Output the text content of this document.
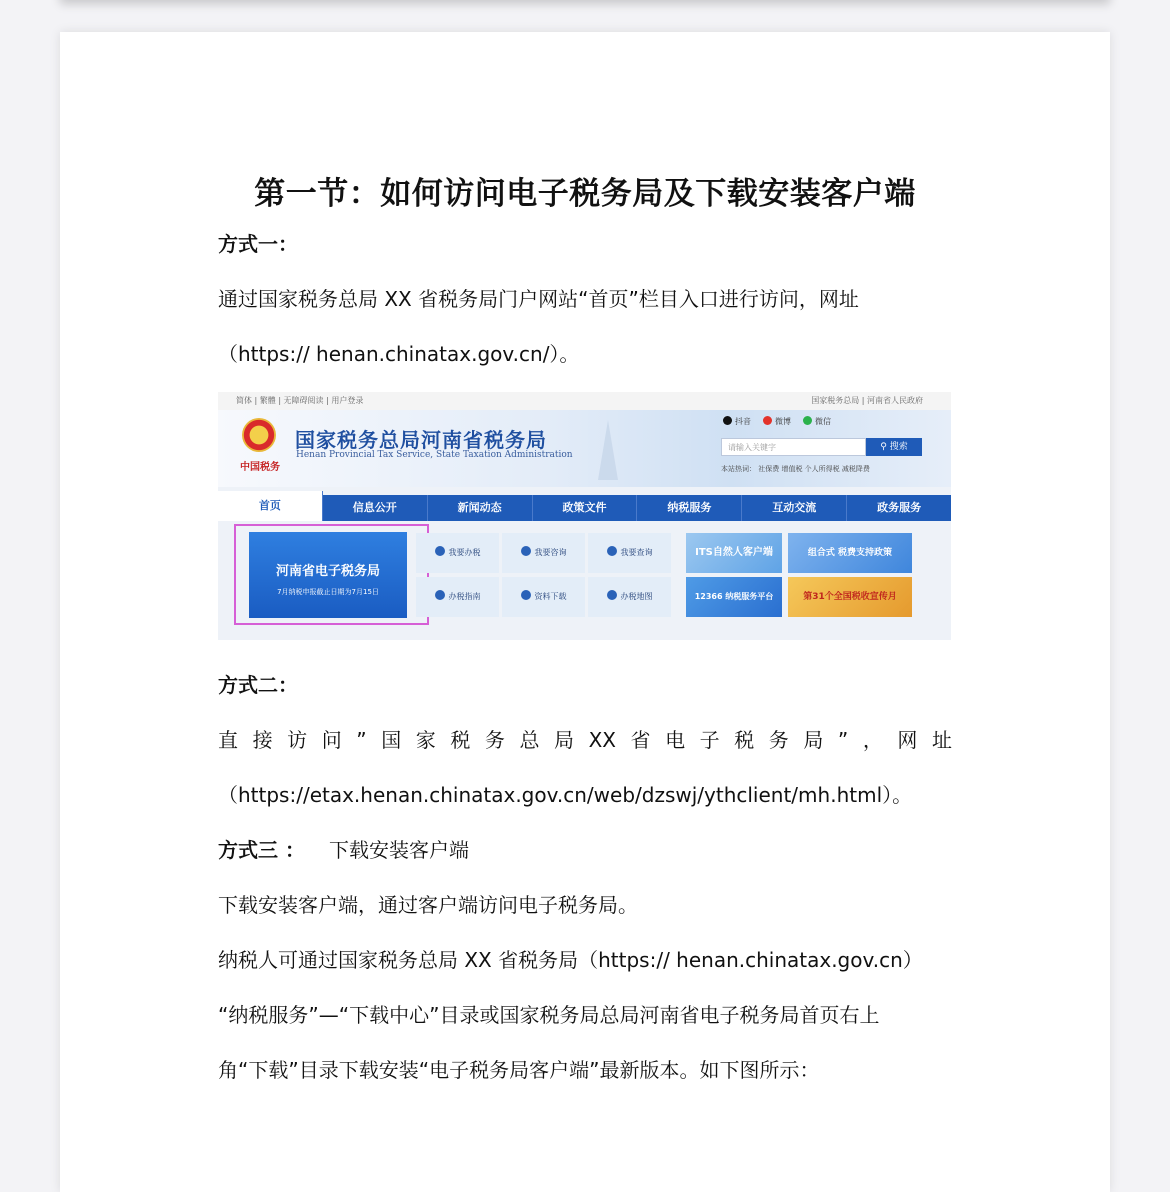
第一节：如何访问电子税务局及下载安装客户端
方式一：
通过国家税务总局 XX 省税务局门户网站“首页”栏目入口进行访问，网址
（https:// henan.chinatax.gov.cn/）。
简体 | 繁體 | 无障碍阅读 | 用户登录	国家税务总局 | 河南省人民政府
中国税务
国家税务总局河南省税务局
Henan Provincial Tax Service, State Taxation Administration
抖音	微博	微信
请输入关键字	⚲ 搜索
本站热词： 社保费 增值税 个人所得税 减税降费
首页	信息公开	新闻动态	政策文件	纳税服务	互动交流	政务服务
河南省电子税务局
7月纳税申报截止日期为7月15日
我要办税	我要咨询	我要查询
办税指南	资料下载	办税地图
ITS自然人客户端	组合式 税费支持政策
12366 纳税服务平台	第31个全国税收宣传月
方式二：
直 接 访 问 ” 国 家 税 务 总 局 XX 省 电 子 税 务 局 ” ， 网 址
（https://etax.henan.chinatax.gov.cn/web/dzswj/ythclient/mh.html）。
方式三 ： 下载安装客户端
下载安装客户端，通过客户端访问电子税务局。
纳税人可通过国家税务总局 XX 省税务局（https:// henan.chinatax.gov.cn）
“纳税服务”—“下载中心”目录或国家税务局总局河南省电子税务局首页右上
角“下载”目录下载安装“电子税务局客户端”最新版本。如下图所示：
